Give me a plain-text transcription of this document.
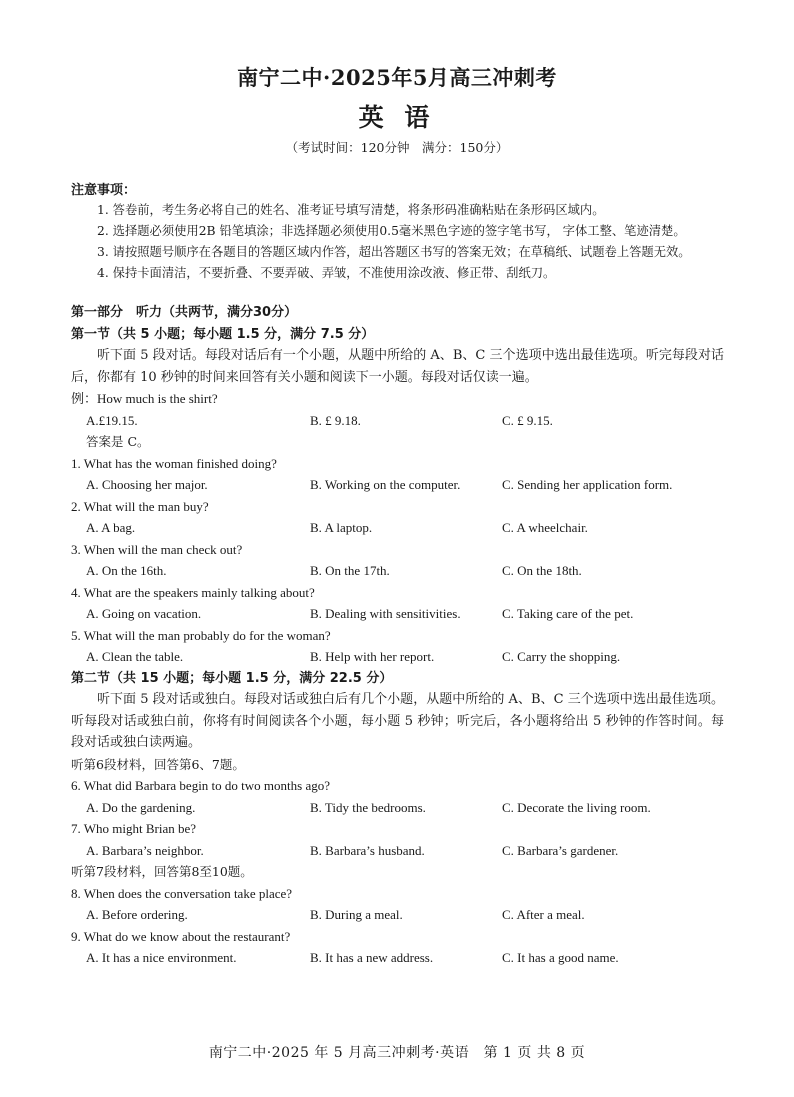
南宁二中·2025年5月高三冲刺考
英 语
（考试时间：120分钟　满分：150分）
注意事项：
1. 答卷前，考生务必将自己的姓名、准考证号填写清楚，将条形码准确粘贴在条形码区域内。
2. 选择题必须使用2B 铅笔填涂；非选择题必须使用0.5毫米黑色字迹的签字笔书写， 字体工整、笔迹清楚。
3. 请按照题号顺序在各题目的答题区域内作答，超出答题区书写的答案无效；在草稿纸、试题卷上答题无效。
4. 保持卡面清洁，不要折叠、不要弄破、弄皱，不准使用涂改液、修正带、刮纸刀。
第一部分　听力（共两节，满分30分）
第一节（共 5 小题；每小题 1.5 分，满分 7.5 分）
听下面 5 段对话。每段对话后有一个小题，从题中所给的 A、B、C 三个选项中选出最佳选项。听完每段对话后，你都有 10 秒钟的时间来回答有关小题和阅读下一小题。每段对话仅读一遍。
例：How much is the shirt?
A.£19.15.	B. £ 9.18.	C. £ 9.15.
答案是 C。
1. What has the woman finished doing?
A. Choosing her major.	B. Working on the computer.	C. Sending her application form.
2. What will the man buy?
A. A bag.	B. A laptop.	C. A wheelchair.
3. When will the man check out?
A. On the 16th.	B. On the 17th.	C. On the 18th.
4. What are the speakers mainly talking about?
A. Going on vacation.	B. Dealing with sensitivities.	C. Taking care of the pet.
5. What will the man probably do for the woman?
A. Clean the table.	B. Help with her report.	C. Carry the shopping.
第二节（共 15 小题；每小题 1.5 分，满分 22.5 分）
听下面 5 段对话或独白。每段对话或独白后有几个小题，从题中所给的 A、B、C 三个选项中选出最佳选项。听每段对话或独白前，你将有时间阅读各个小题，每小题 5 秒钟；听完后，各小题将给出 5 秒钟的作答时间。每段对话或独白读两遍。
听第6段材料，回答第6、7题。
6. What did Barbara begin to do two months ago?
A. Do the gardening.	B. Tidy the bedrooms.	C. Decorate the living room.
7. Who might Brian be?
A. Barbara’s neighbor.	B. Barbara’s husband.	C. Barbara’s gardener.
听第7段材料，回答第8至10题。
8. When does the conversation take place?
A. Before ordering.	B. During a meal.	C. After a meal.
9. What do we know about the restaurant?
A. It has a nice environment.	B. It has a new address.	C. It has a good name.
南宁二中·2025 年 5 月高三冲刺考·英语　第 1 页 共 8 页
